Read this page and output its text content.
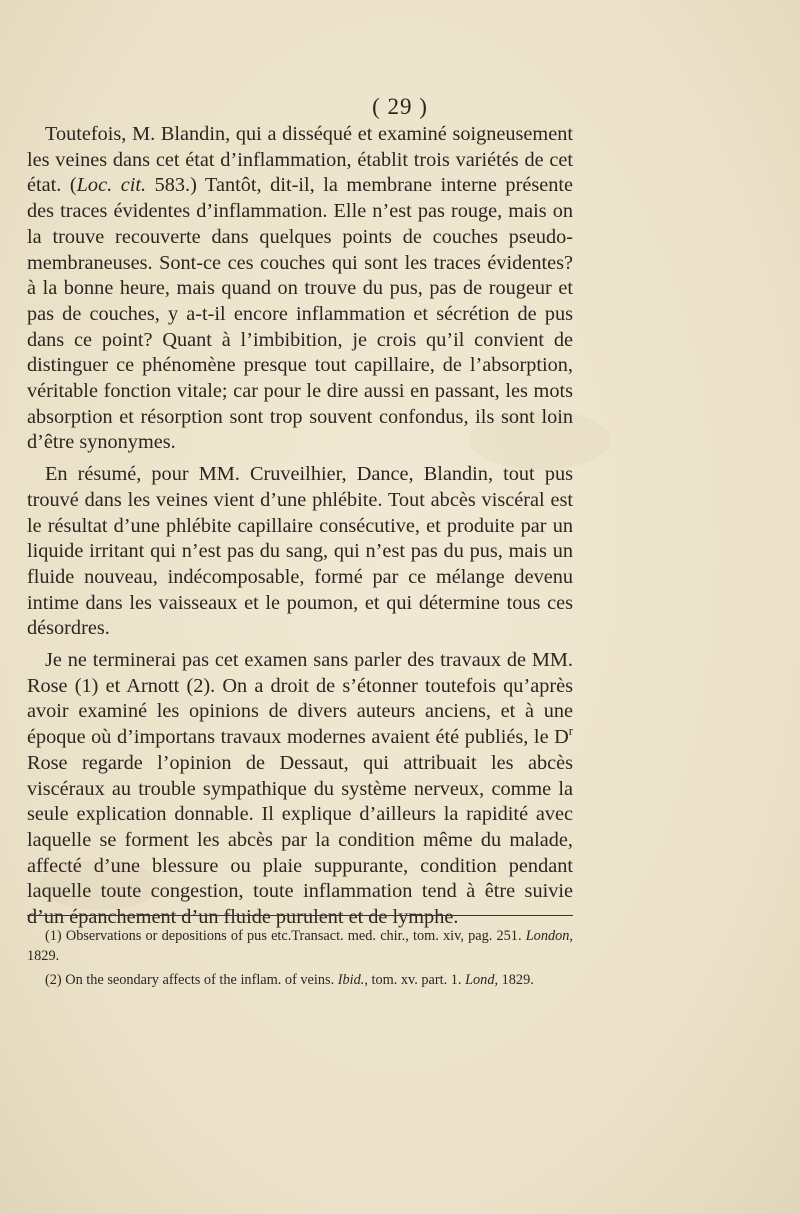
( 29 )

Toutefois, M. Blandin, qui a disséqué et examiné soigneusement les veines dans cet état d’inflammation, établit trois variétés de cet état. (Loc. cit. 583.) Tantôt, dit-il, la membrane interne présente des traces évidentes d’inflammation. Elle n’est pas rouge, mais on la trouve recouverte dans quelques points de couches pseudo-membraneuses. Sont-ce ces couches qui sont les traces évidentes? à la bonne heure, mais quand on trouve du pus, pas de rougeur et pas de couches, y a-t-il encore inflammation et sécrétion de pus dans ce point? Quant à l’imbibition, je crois qu’il convient de distinguer ce phénomène presque tout capillaire, de l’absorption, véritable fonction vitale; car pour le dire aussi en passant, les mots absorption et résorption sont trop souvent confondus, ils sont loin d’être synonymes.

En résumé, pour MM. Cruveilhier, Dance, Blandin, tout pus trouvé dans les veines vient d’une phlébite. Tout abcès viscéral est le résultat d’une phlébite capillaire consécutive, et produite par un liquide irritant qui n’est pas du sang, qui n’est pas du pus, mais un fluide nouveau, indécomposable, formé par ce mélange devenu intime dans les vaisseaux et le poumon, et qui détermine tous ces désordres.

Je ne terminerai pas cet examen sans parler des travaux de MM. Rose (1) et Arnott (2). On a droit de s’étonner toutefois qu’après avoir examiné les opinions de divers auteurs anciens, et à une époque où d’importans travaux modernes avaient été publiés, le $D^r$ Rose regarde l’opinion de Dessaut, qui attribuait les abcès viscéraux au trouble sympathique du système nerveux, comme la seule explication donnable. Il explique d’ailleurs la rapidité avec laquelle se forment les abcès par la condition même du malade, affecté d’une blessure ou plaie suppurante, condition pendant laquelle toute congestion, toute inflammation tend à être suivie d’un épanchement d’un fluide purulent et de lymphe.

(1) Observations or depositions of pus etc.Transact. med. chir., tom. xiv, pag. 251. London, 1829.

(2) On the seondary affects of the inflam. of veins. Ibid., tom. xv. part. 1. Lond, 1829.
